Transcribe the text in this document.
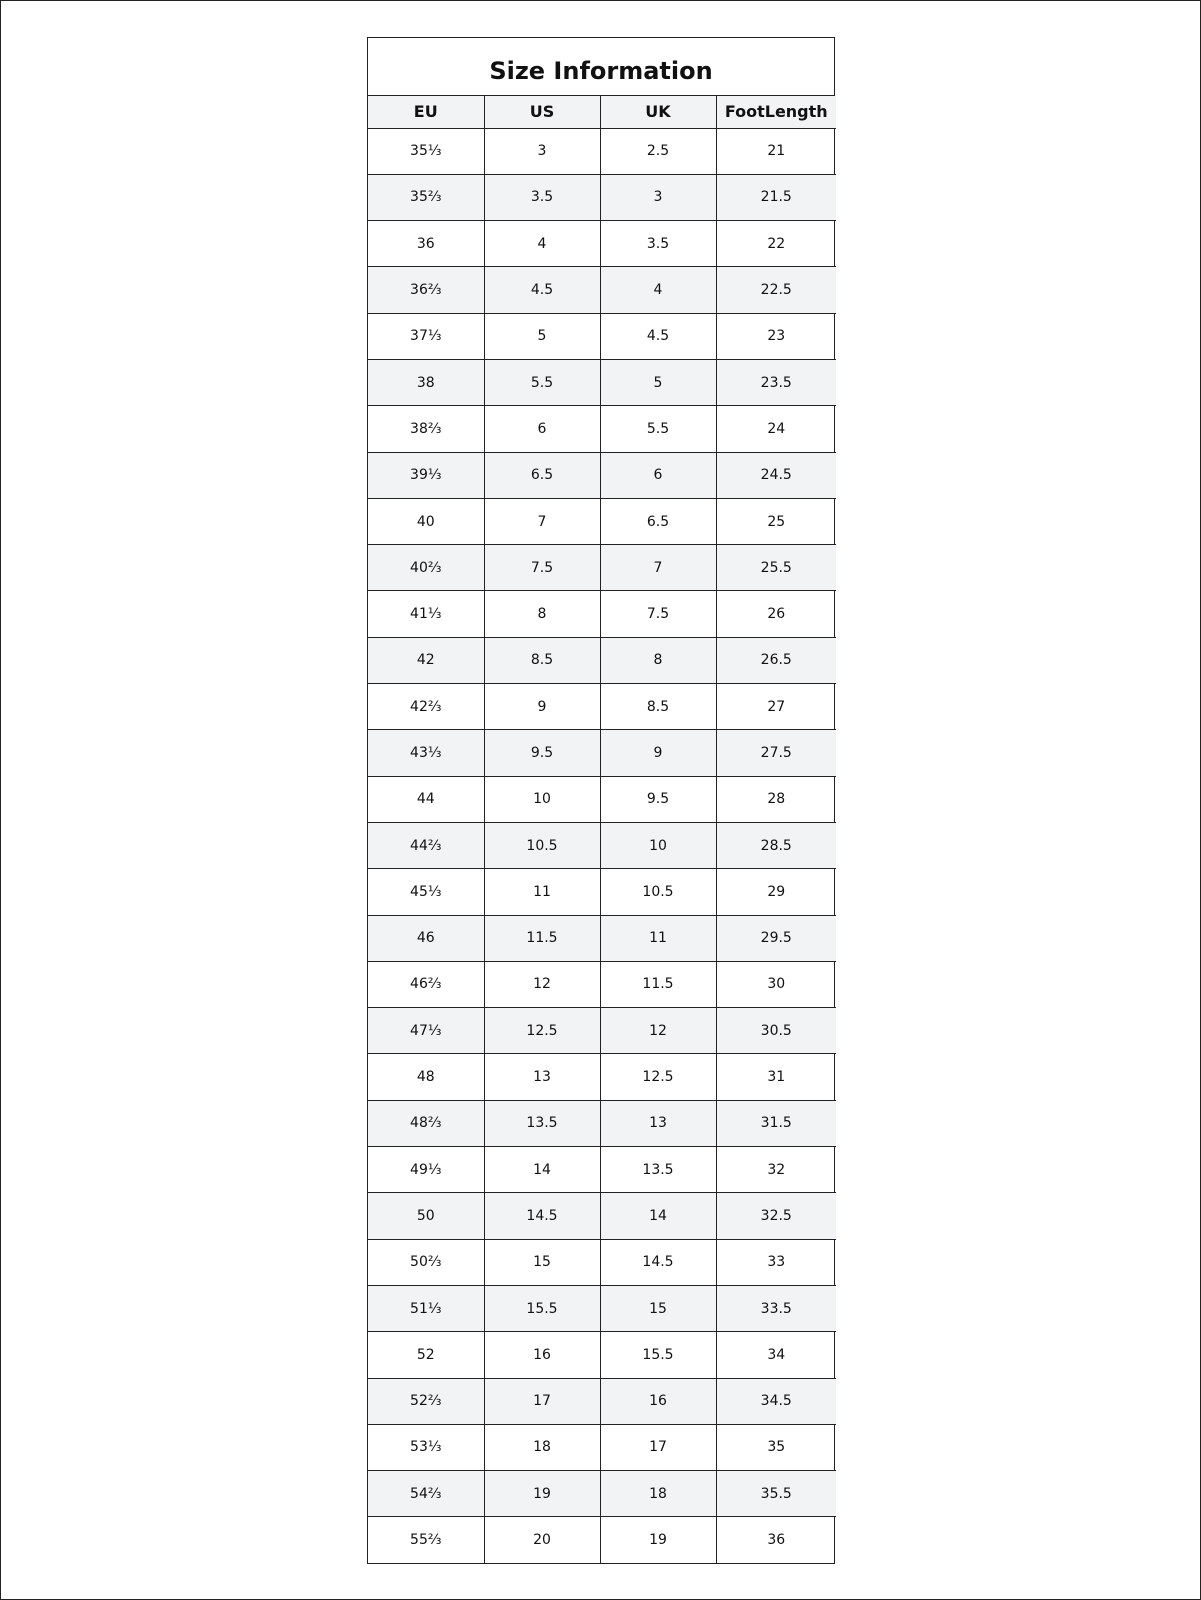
Size Information
EU	US	UK	FootLength
35⅓	3	2.5	21
35⅔	3.5	3	21.5
36	4	3.5	22
36⅔	4.5	4	22.5
37⅓	5	4.5	23
38	5.5	5	23.5
38⅔	6	5.5	24
39⅓	6.5	6	24.5
40	7	6.5	25
40⅔	7.5	7	25.5
41⅓	8	7.5	26
42	8.5	8	26.5
42⅔	9	8.5	27
43⅓	9.5	9	27.5
44	10	9.5	28
44⅔	10.5	10	28.5
45⅓	11	10.5	29
46	11.5	11	29.5
46⅔	12	11.5	30
47⅓	12.5	12	30.5
48	13	12.5	31
48⅔	13.5	13	31.5
49⅓	14	13.5	32
50	14.5	14	32.5
50⅔	15	14.5	33
51⅓	15.5	15	33.5
52	16	15.5	34
52⅔	17	16	34.5
53⅓	18	17	35
54⅔	19	18	35.5
55⅔	20	19	36
